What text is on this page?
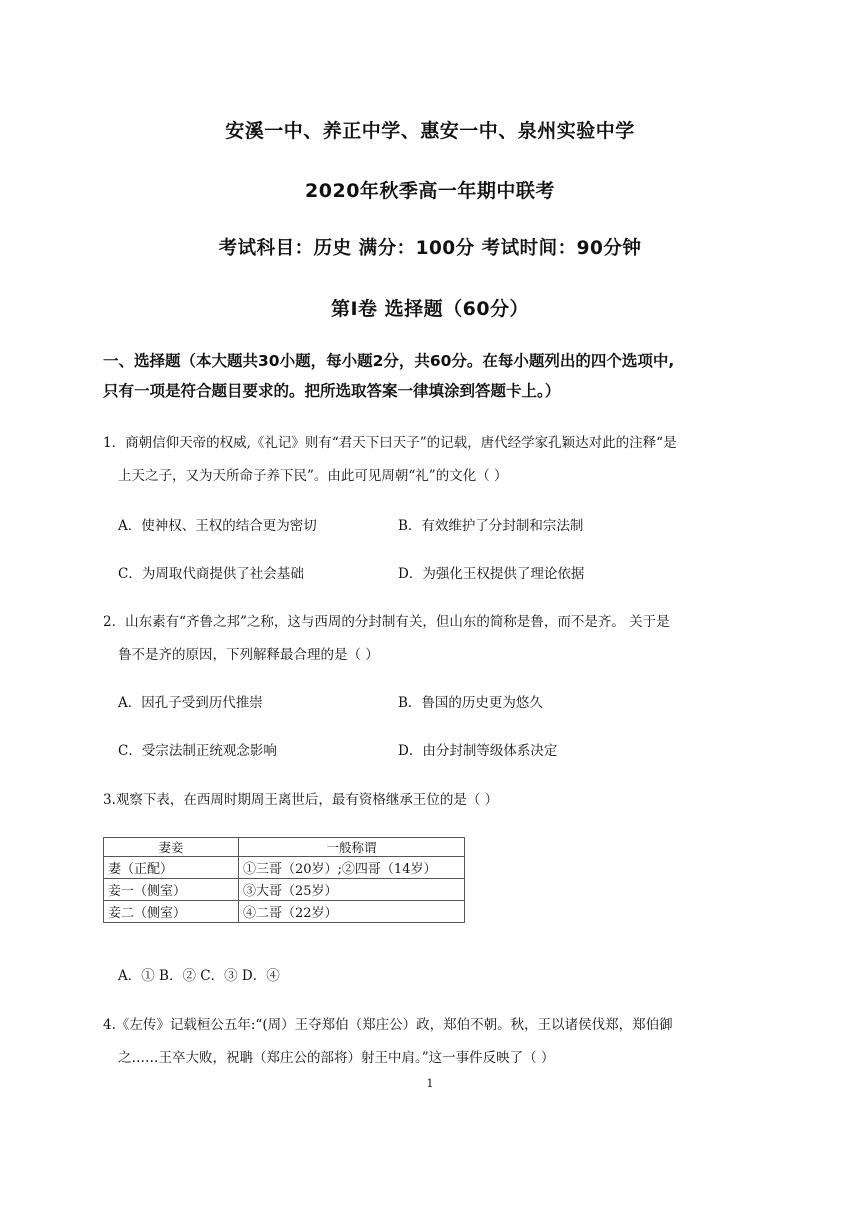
安溪一中、养正中学、惠安一中、泉州实验中学
2020年秋季高一年期中联考
考试科目：历史 满分：100分 考试时间：90分钟
第Ⅰ卷 选择题（60分）
一、选择题（本大题共30小题，每小题2分，共60分。在每小题列出的四个选项中,
只有一项是符合题目要求的。把所选取答案一律填涂到答题卡上。）
1．商朝信仰天帝的权威,《礼记》则有“君天下曰天子”的记载，唐代经学家孔颖达对此的注释“是
上天之子，又为天所命子养下民”。由此可见周朝“礼”的文化（ ）
A．使神权、王权的结合更为密切	B．有效维护了分封制和宗法制
C．为周取代商提供了社会基础	D．为强化王权提供了理论依据
2．山东素有“齐鲁之邦”之称，这与西周的分封制有关，但山东的简称是鲁，而不是齐。 关于是
鲁不是齐的原因，下列解释最合理的是（ ）
A．因孔子受到历代推崇	B．鲁国的历史更为悠久
C．受宗法制正统观念影响	D．由分封制等级体系决定
3.观察下表，在西周时期周王离世后，最有资格继承王位的是（ ）
妻妾	一般称谓
妻（正配）	①三哥（20岁）;②四哥（14岁）
妾一（侧室）	③大哥（25岁）
妾二（侧室）	④二哥（22岁）
A．① B．② C．③ D．④
4.《左传》记载桓公五年:“(周）王夺郑伯（郑庄公）政，郑伯不朝。秋，王以诸侯伐郑，郑伯御
之……王卒大败，祝聃（郑庄公的部将）射王中肩。”这一事件反映了（ ）
1
